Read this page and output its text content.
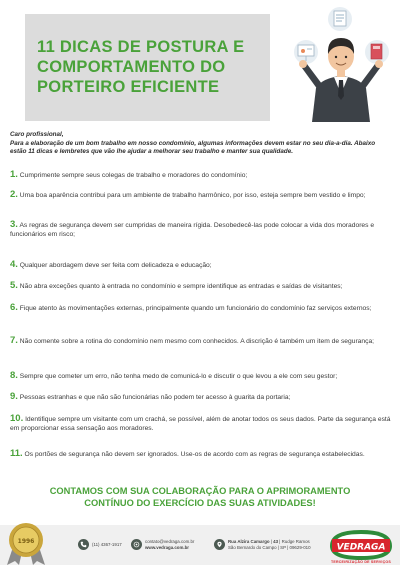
11 DICAS DE POSTURA E
COMPORTAMENTO DO
PORTEIRO EFICIENTE
Caro profissional,
Para a elaboração de um bom trabalho em nosso condomínio, algumas informações devem estar no seu dia-a-dia. Abaixo estão 11 dicas e lembretes que vão lhe ajudar a melhorar seu trabalho e manter sua qualidade.
1. Cumprimente sempre seus colegas de trabalho e moradores do condomínio;
2. Uma boa aparência contribui para um ambiente de trabalho harmônico, por isso, esteja sempre bem vestido e limpo;
3. As regras de segurança devem ser cumpridas de maneira rígida. Desobedecê-las pode colocar a vida dos moradores e funcionários em risco;
4. Qualquer abordagem deve ser feita com delicadeza e educação;
5. Não abra exceções quanto à entrada no condomínio e sempre identifique as entradas e saídas de visitantes;
6. Fique atento às movimentações externas, principalmente quando um funcionário do condomínio faz serviços externos;
7. Não comente sobre a rotina do condomínio nem mesmo com conhecidos. A discrição é também um item de segurança;
8. Sempre que cometer um erro, não tenha medo de comunicá-lo e discutir o que levou a ele com seu gestor;
9. Pessoas estranhas e que não são funcionárias não podem ter acesso à guarita da portaria;
10. Identifique sempre um visitante com um crachá, se possível, além de anotar todos os seus dados. Parte da segurança está em proporcionar essa sensação aos moradores.
11. Os portões de segurança não devem ser ignorados. Use-os de acordo com as regras de segurança estabelecidas.
CONTAMOS COM SUA COLABORAÇÃO PARA O APRIMORAMENTO
CONTÍNUO DO EXERCÍCIO DAS SUAS ATIVIDADES!
1996	(11) 4367-1917
contato@vedraga.com.br
www.vedraga.com.br
Rua Alzira Camargo | 43 | Rudge Ramos
São Bernardo do Campo | SP | 09629-010	VEDRAGA
TERCEIRIZAÇÃO DE SERVIÇOS
